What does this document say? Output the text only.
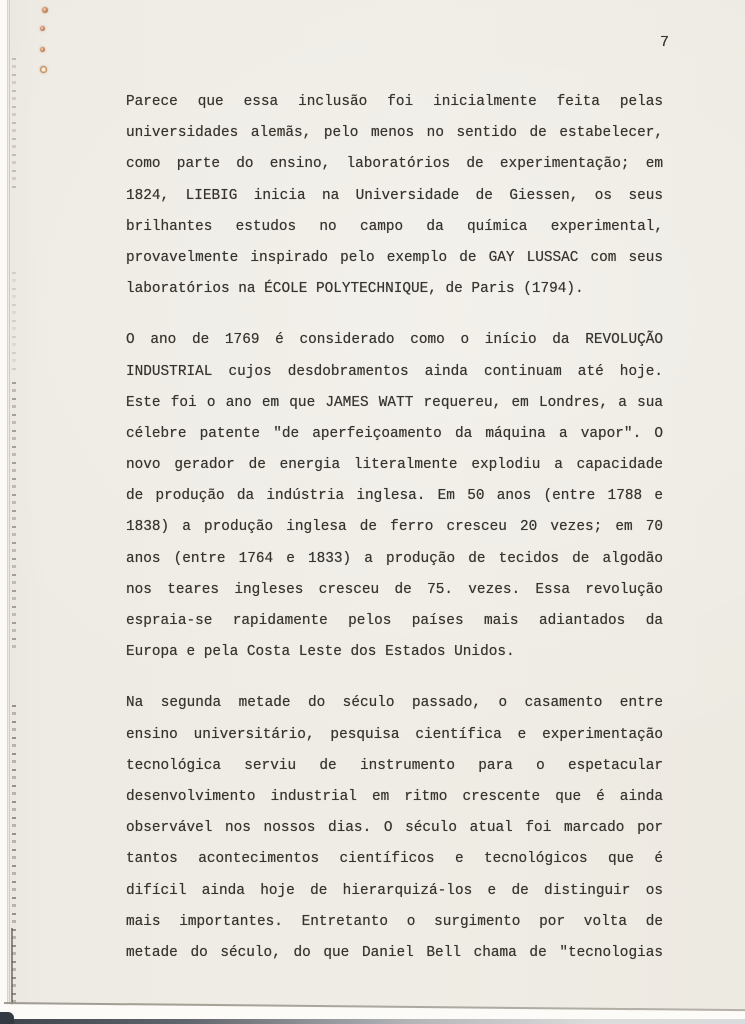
7
Parece que essa inclusão foi inicialmente feita pelas
universidades alemãs, pelo menos no sentido de estabelecer,
como parte do ensino, laboratórios de experimentação; em
1824, LIEBIG inicia na Universidade de Giessen, os seus
brilhantes estudos no campo da química experimental,
provavelmente inspirado pelo exemplo de GAY LUSSAC com seus
laboratórios na ÉCOLE POLYTECHNIQUE, de Paris (1794).
O ano de 1769 é considerado como o início da REVOLUÇÃO
INDUSTRIAL cujos desdobramentos ainda continuam até hoje.
Este foi o ano em que JAMES WATT requereu, em Londres, a sua
célebre patente "de aperfeiçoamento da máquina a vapor". O
novo gerador de energia literalmente explodiu a capacidade
de produção da indústria inglesa. Em 50 anos (entre 1788 e
1838) a produção inglesa de ferro cresceu 20 vezes; em 70
anos (entre 1764 e 1833) a produção de tecidos de algodão
nos teares ingleses cresceu de 75. vezes. Essa revolução
espraia-se rapidamente pelos países mais adiantados da
Europa e pela Costa Leste dos Estados Unidos.
Na segunda metade do século passado, o casamento entre
ensino universitário, pesquisa científica e experimentação
tecnológica serviu de instrumento para o espetacular
desenvolvimento industrial em ritmo crescente que é ainda
observável nos nossos dias. O século atual foi marcado por
tantos acontecimentos científicos e tecnológicos que é
difícil ainda hoje de hierarquizá-los e de distinguir os
mais importantes. Entretanto o surgimento por volta de
metade do século, do que Daniel Bell chama de "tecnologias
